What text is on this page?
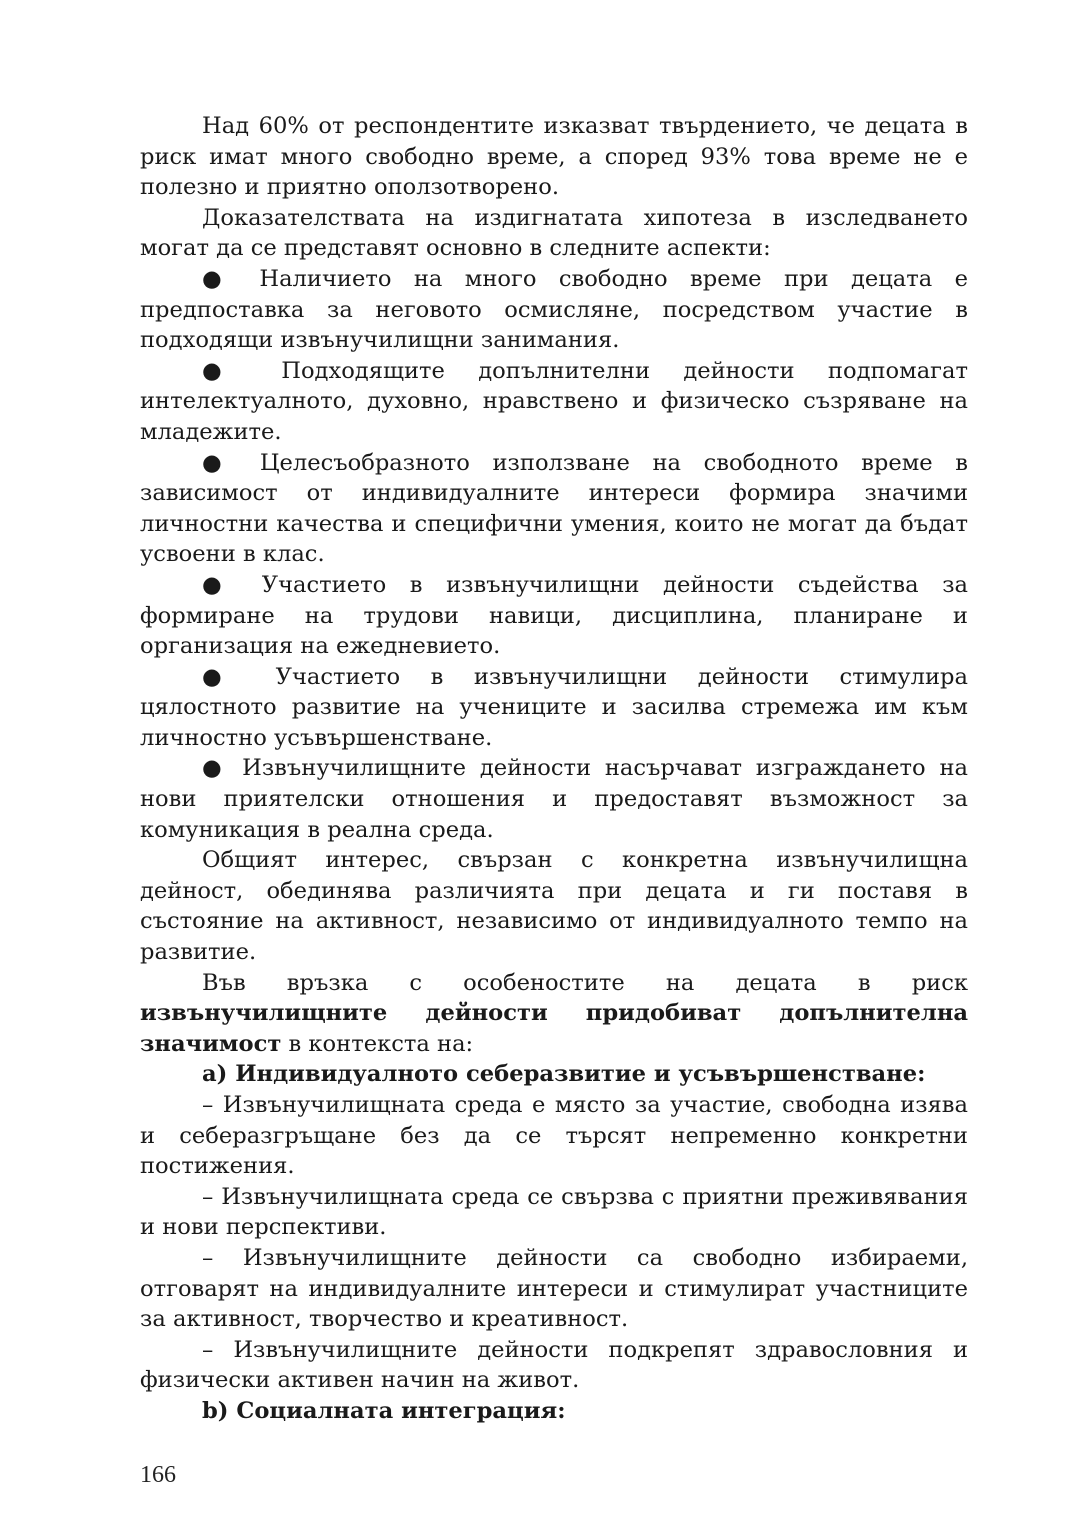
Над 60% от респондентите изказват твърдението, че децата в риск имат много свободно време, а според 93% това време не е полезно и приятно оползотворено.

Доказателствата на издигнатата хипотеза в изследването могат да се представят основно в следните аспекти:

● Наличието на много свободно време при децата е предпоставка за неговото осмисляне, посредством участие в подходящи извънучилищни занимания.

● Подходящите допълнителни дейности подпомагат интелектуалното, духовно, нравствено и физическо съзряване на младежите.

● Целесъобразното използване на свободното време в зависимост от индивидуалните интереси формира значими личностни качества и специфични умения, които не могат да бъдат усвоени в клас.

● Участието в извънучилищни дейности съдейства за формиране на трудови навици, дисциплина, планиране и организация на ежедневието.

● Участието в извънучилищни дейности стимулира цялостното развитие на учениците и засилва стремежа им към личностно усъвършенстване.

● Извънучилищните дейности насърчават изграждането на нови приятелски отношения и предоставят възможност за комуникация в реална среда.

Общият интерес, свързан с конкретна извънучилищна дейност, обединява различията при децата и ги поставя в състояние на активност, независимо от индивидуалното темпо на развитие.

Във връзка с особеностите на децата в риск извънучилищните дейности придобиват допълнителна значимост в контекста на:

a) Индивидуалното себеразвитие и усъвършенстване:

– Извънучилищната среда е място за участие, свободна изява и себеразгръщане без да се търсят непременно конкретни постижения.

– Извънучилищната среда се свързва с приятни преживявания и нови перспективи.

– Извънучилищните дейности са свободно избираеми, отговарят на индивидуалните интереси и стимулират участниците за активност, творчество и креативност.

– Извънучилищните дейности подкрепят здравословния и физически активен начин на живот.

b) Социалната интеграция:

166
